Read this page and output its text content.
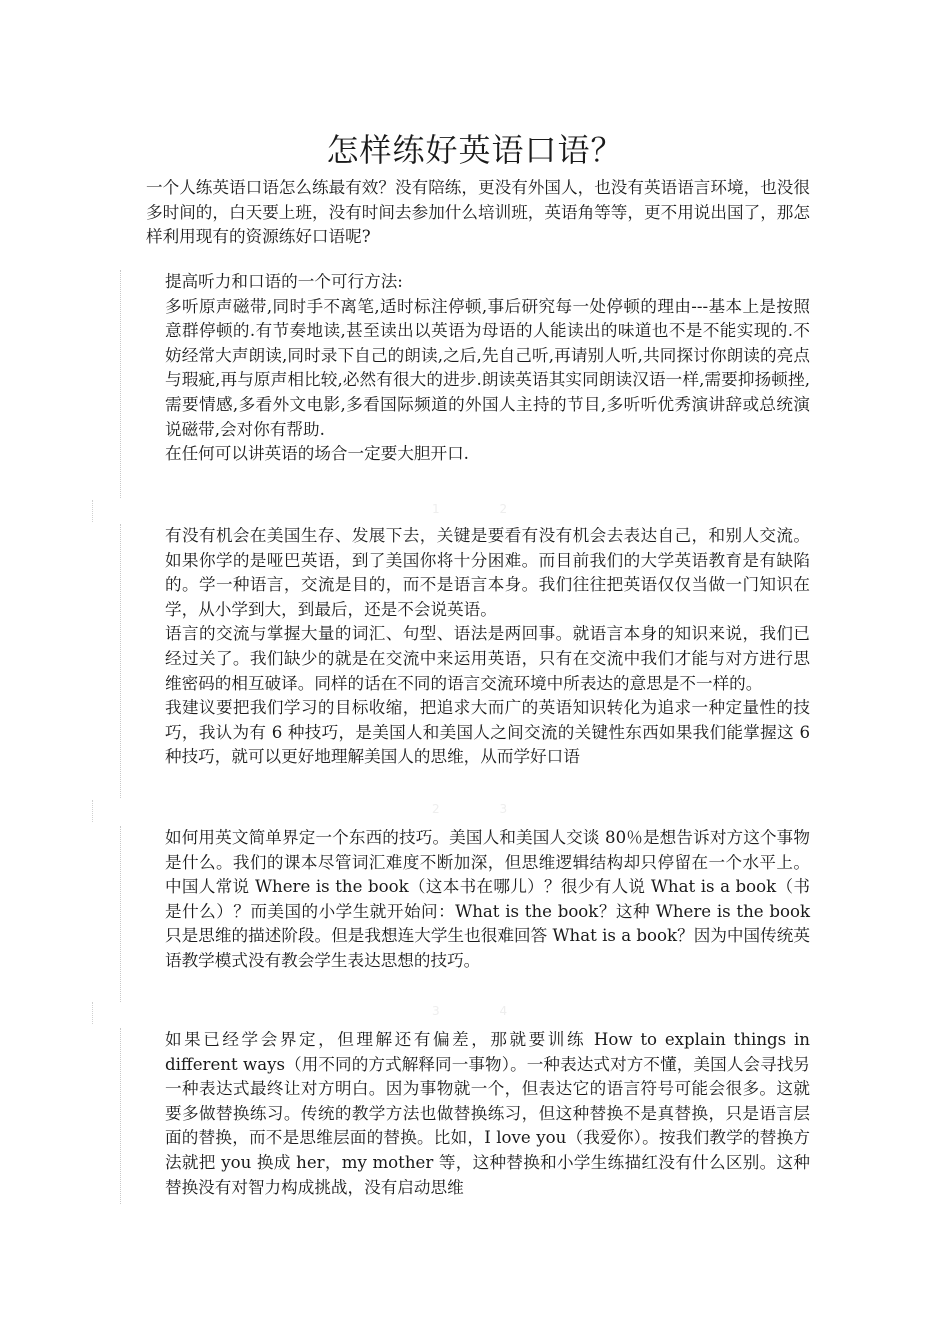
怎样练好英语口语？

一个人练英语口语怎么练最有效？没有陪练，更没有外国人，也没有英语语言环境，也没很多时间的，白天要上班，没有时间去参加什么培训班，英语角等等，更不用说出国了，那怎样利用现有的资源练好口语呢?

提高听力和口语的一个可行方法:

多听原声磁带,同时手不离笔,适时标注停顿,事后研究每一处停顿的理由---基本上是按照意群停顿的.有节奏地读,甚至读出以英语为母语的人能读出的味道也不是不能实现的.不妨经常大声朗读,同时录下自己的朗读,之后,先自己听,再请别人听,共同探讨你朗读的亮点与瑕疵,再与原声相比较,必然有很大的进步.朗读英语其实同朗读汉语一样,需要抑扬顿挫,需要情感,多看外文电影,多看国际频道的外国人主持的节目,多听听优秀演讲辞或总统演说磁带,会对你有帮助.

在任何可以讲英语的场合一定要大胆开口.

1 2

有没有机会在美国生存、发展下去，关键是要看有没有机会去表达自己，和别人交流。如果你学的是哑巴英语，到了美国你将十分困难。而目前我们的大学英语教育是有缺陷的。学一种语言，交流是目的，而不是语言本身。我们往往把英语仅仅当做一门知识在学，从小学到大，到最后，还是不会说英语。

语言的交流与掌握大量的词汇、句型、语法是两回事。就语言本身的知识来说，我们已经过关了。我们缺少的就是在交流中来运用英语，只有在交流中我们才能与对方进行思维密码的相互破译。同样的话在不同的语言交流环境中所表达的意思是不一样的。

我建议要把我们学习的目标收缩，把追求大而广的英语知识转化为追求一种定量性的技巧，我认为有 6 种技巧，是美国人和美国人之间交流的关键性东西如果我们能掌握这 6 种技巧，就可以更好地理解美国人的思维，从而学好口语

2 3

如何用英文简单界定一个东西的技巧。美国人和美国人交谈 80％是想告诉对方这个事物是什么。我们的课本尽管词汇难度不断加深，但思维逻辑结构却只停留在一个水平上。中国人常说 Where is the book（这本书在哪儿）？很少有人说 What is a book（书是什么）？而美国的小学生就开始问：What is the book？这种 Where is the book 只是思维的描述阶段。但是我想连大学生也很难回答 What is a book？因为中国传统英语教学模式没有教会学生表达思想的技巧。

3 4

如果已经学会界定，但理解还有偏差，那就要训练 How to explain things in different ways（用不同的方式解释同一事物）。一种表达式对方不懂，美国人会寻找另一种表达式最终让对方明白。因为事物就一个，但表达它的语言符号可能会很多。这就要多做替换练习。传统的教学方法也做替换练习，但这种替换不是真替换，只是语言层面的替换，而不是思维层面的替换。比如，I love you（我爱你）。按我们教学的替换方法就把 you 换成 her，my mother 等，这种替换和小学生练描红没有什么区别。这种替换没有对智力构成挑战，没有启动思维
